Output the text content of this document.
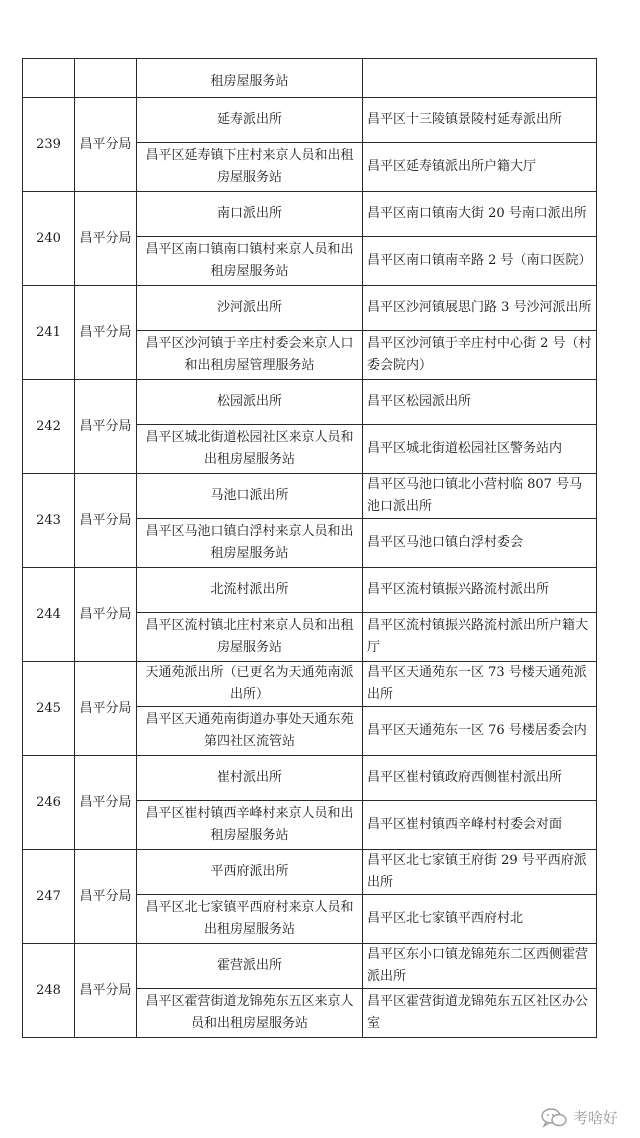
		租房屋服务站	
239	昌平分局	延寿派出所	昌平区十三陵镇景陵村延寿派出所
		昌平区延寿镇下庄村来京人员和出租房屋服务站	昌平区延寿镇派出所户籍大厅
240	昌平分局	南口派出所	昌平区南口镇南大街 20 号南口派出所
		昌平区南口镇南口镇村来京人员和出租房屋服务站	昌平区南口镇南辛路 2 号（南口医院）
241	昌平分局	沙河派出所	昌平区沙河镇展思门路 3 号沙河派出所
		昌平区沙河镇于辛庄村委会来京人口和出租房屋管理服务站	昌平区沙河镇于辛庄村中心街 2 号（村委会院内）
242	昌平分局	松园派出所	昌平区松园派出所
		昌平区城北街道松园社区来京人员和出租房屋服务站	昌平区城北街道松园社区警务站内
243	昌平分局	马池口派出所	昌平区马池口镇北小营村临 807 号马池口派出所
		昌平区马池口镇白浮村来京人员和出租房屋服务站	昌平区马池口镇白浮村委会
244	昌平分局	北流村派出所	昌平区流村镇振兴路流村派出所
		昌平区流村镇北庄村来京人员和出租房屋服务站	昌平区流村镇振兴路流村派出所户籍大厅
245	昌平分局	天通苑派出所（已更名为天通苑南派出所）	昌平区天通苑东一区 73 号楼天通苑派出所
		昌平区天通苑南街道办事处天通东苑第四社区流管站	昌平区天通苑东一区 76 号楼居委会内
246	昌平分局	崔村派出所	昌平区崔村镇政府西侧崔村派出所
		昌平区崔村镇西辛峰村来京人员和出租房屋服务站	昌平区崔村镇西辛峰村村委会对面
247	昌平分局	平西府派出所	昌平区北七家镇王府街 29 号平西府派出所
		昌平区北七家镇平西府村来京人员和出租房屋服务站	昌平区北七家镇平西府村北
248	昌平分局	霍营派出所	昌平区东小口镇龙锦苑东二区西侧霍营派出所
		昌平区霍营街道龙锦苑东五区来京人员和出租房屋服务站	昌平区霍营街道龙锦苑东五区社区办公室
考啥好
